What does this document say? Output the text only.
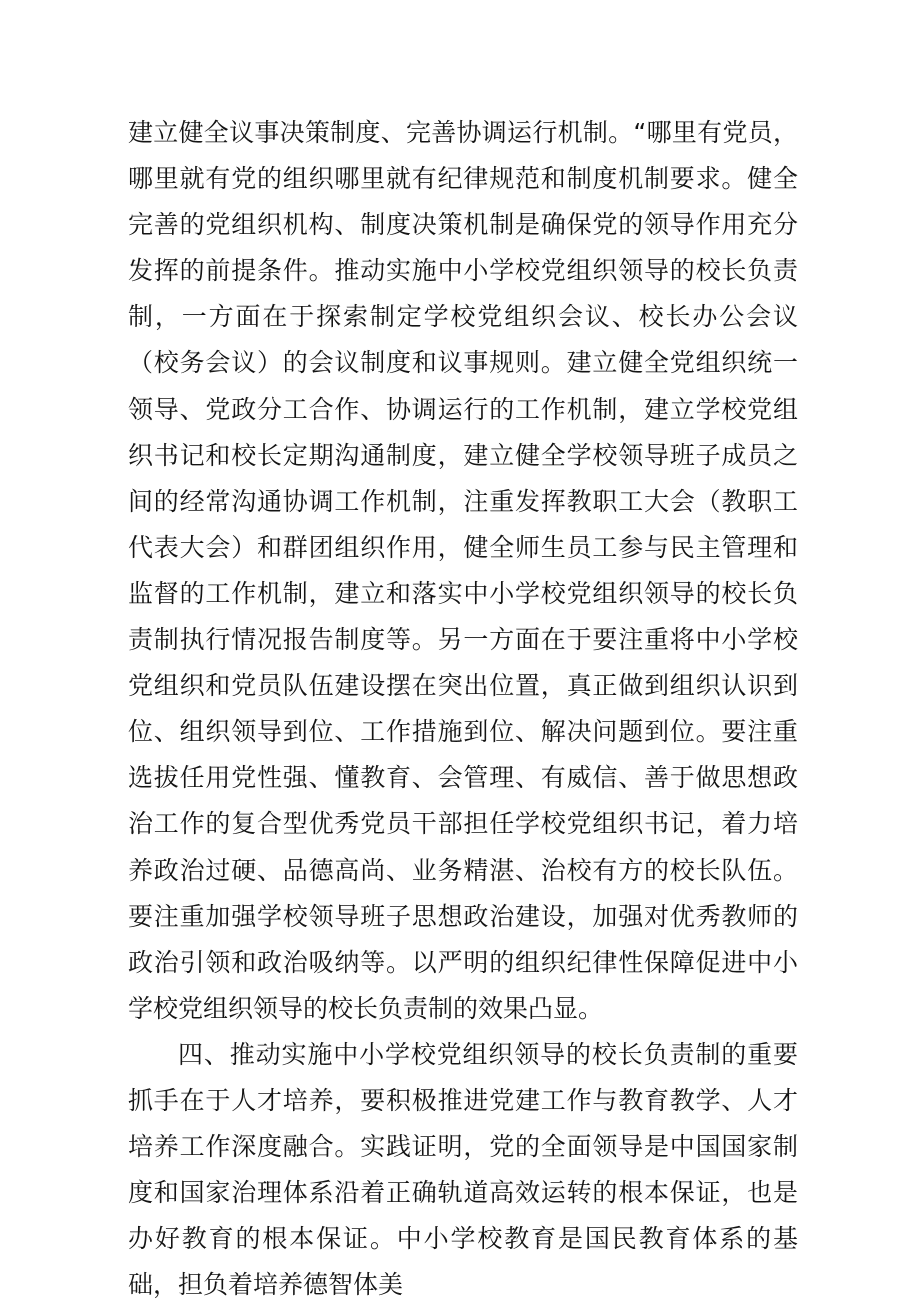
建立健全议事决策制度、完善协调运行机制。“哪里有党员，哪里就有党的组织哪里就有纪律规范和制度机制要求。健全完善的党组织机构、制度决策机制是确保党的领导作用充分发挥的前提条件。推动实施中小学校党组织领导的校长负责制，一方面在于探索制定学校党组织会议、校长办公会议（校务会议）的会议制度和议事规则。建立健全党组织统一领导、党政分工合作、协调运行的工作机制，建立学校党组织书记和校长定期沟通制度，建立健全学校领导班子成员之间的经常沟通协调工作机制，注重发挥教职工大会（教职工代表大会）和群团组织作用，健全师生员工参与民主管理和监督的工作机制，建立和落实中小学校党组织领导的校长负责制执行情况报告制度等。另一方面在于要注重将中小学校党组织和党员队伍建设摆在突出位置，真正做到组织认识到位、组织领导到位、工作措施到位、解决问题到位。要注重选拔任用党性强、懂教育、会管理、有威信、善于做思想政治工作的复合型优秀党员干部担任学校党组织书记，着力培养政治过硬、品德高尚、业务精湛、治校有方的校长队伍。要注重加强学校领导班子思想政治建设，加强对优秀教师的政治引领和政治吸纳等。以严明的组织纪律性保障促进中小学校党组织领导的校长负责制的效果凸显。

四、推动实施中小学校党组织领导的校长负责制的重要抓手在于人才培养，要积极推进党建工作与教育教学、人才培养工作深度融合。实践证明，党的全面领导是中国国家制度和国家治理体系沿着正确轨道高效运转的根本保证，也是办好教育的根本保证。中小学校教育是国民教育体系的基础，担负着培养德智体美
